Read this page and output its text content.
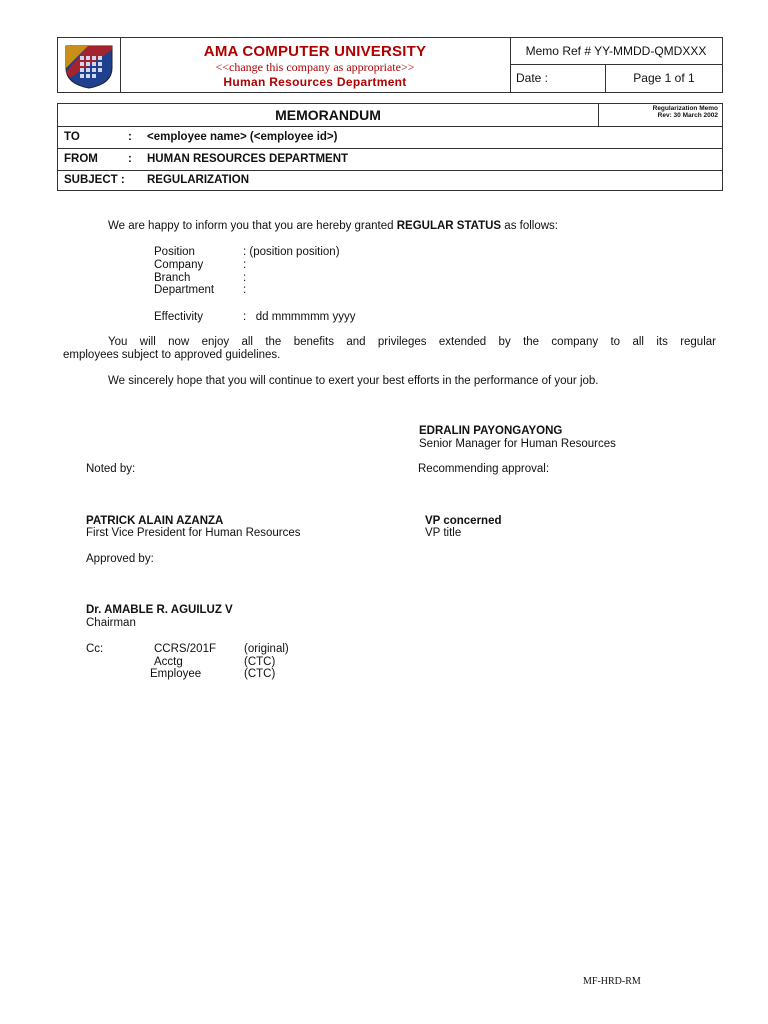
AMA COMPUTER UNIVERSITY
<<change this company as appropriate>>
Human Resources Department
Memo Ref # YY-MMDD-QMDXXX
Date :	Page 1 of 1
MEMORANDUM	Regularization Memo
Rev: 30 March 2002
TO	: <employee name> (<employee id>)
FROM	: HUMAN RESOURCES DEPARTMENT
SUBJECT : REGULARIZATION
We are happy to inform you that you are hereby granted REGULAR STATUS as follows:
Position	: (position position)
Company	:
Branch	:
Department	:
Effectivity	:   dd mmmmmm yyyy
You will now enjoy all the benefits and privileges extended by the company to all its regular
employees subject to approved guidelines.
We sincerely hope that you will continue to exert your best efforts in the performance of your job.
EDRALIN PAYONGAYONG
Senior Manager for Human Resources
Noted by:	Recommending approval:
PATRICK ALAIN AZANZA
First Vice President for Human Resources
VP concerned
VP title
Approved by:
Dr. AMABLE R. AGUILUZ V
Chairman
Cc:	CCRS/201F (original)
Acctg	(CTC)
Employee	(CTC)
MF-HRD-RM
